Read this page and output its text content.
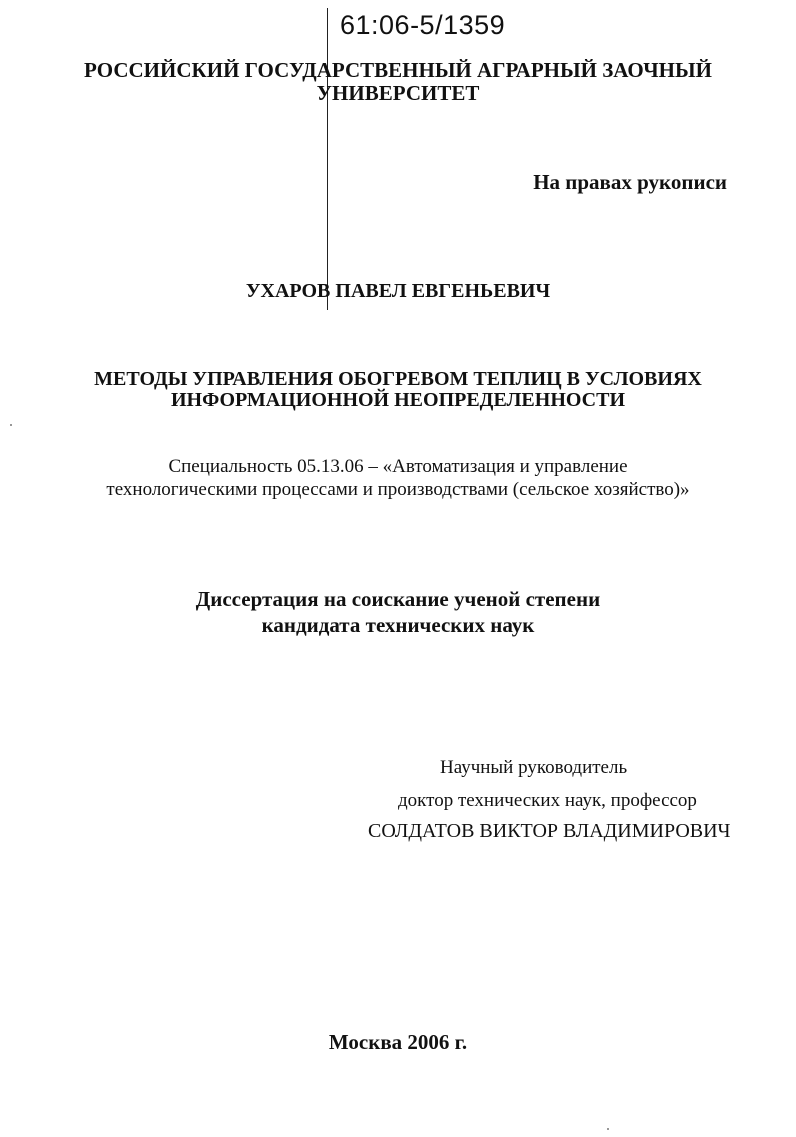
61:06-5/1359
РОССИЙСКИЙ ГОСУДАРСТВЕННЫЙ АГРАРНЫЙ ЗАОЧНЫЙ
УНИВЕРСИТЕТ
На правах рукописи
УХАРОВ ПАВЕЛ ЕВГЕНЬЕВИЧ
МЕТОДЫ УПРАВЛЕНИЯ ОБОГРЕВОМ ТЕПЛИЦ В УСЛОВИЯХ
ИНФОРМАЦИОННОЙ НЕОПРЕДЕЛЕННОСТИ
Специальность 05.13.06 – «Автоматизация и управление
технологическими процессами и производствами (сельское хозяйство)»
Диссертация на соискание ученой степени
кандидата технических наук
Научный руководитель
доктор технических наук, профессор
СОЛДАТОВ ВИКТОР ВЛАДИМИРОВИЧ
Москва 2006 г.
